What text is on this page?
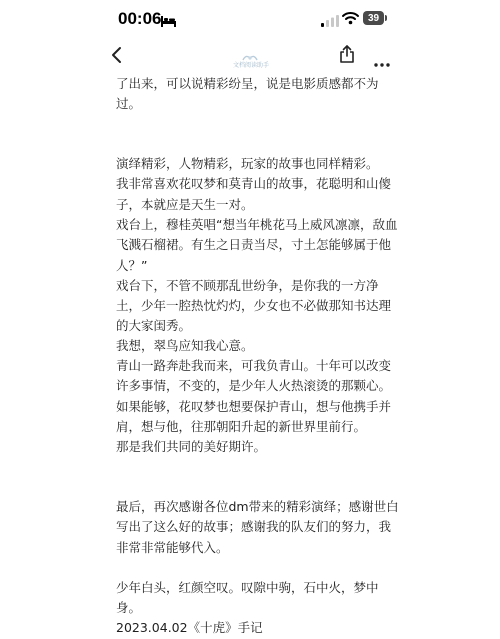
00:06	39
文档阅读助手
了出来，可以说精彩纷呈，说是电影质感都不为
过。
演绎精彩，人物精彩，玩家的故事也同样精彩。
我非常喜欢花叹梦和莫青山的故事，花聪明和山傻
子，本就应是天生一对。
戏台上，穆桂英唱“想当年桃花马上威风凛凛，敌血
飞溅石榴裙。有生之日责当尽，寸土怎能够属于他
人？”
戏台下，不管不顾那乱世纷争，是你我的一方净
土，少年一腔热忱灼灼，少女也不必做那知书达理
的大家闺秀。
我想，翠鸟应知我心意。
青山一路奔赴我而来，可我负青山。十年可以改变
许多事情，不变的，是少年人火热滚烫的那颗心。
如果能够，花叹梦也想要保护青山，想与他携手并
肩，想与他，往那朝阳升起的新世界里前行。
那是我们共同的美好期许。
最后，再次感谢各位dm带来的精彩演绎；感谢世白
写出了这么好的故事；感谢我的队友们的努力，我
非常非常能够代入。
少年白头，红颜空叹。叹隙中驹，石中火，梦中
身。
2023.04.02《十虎》手记
